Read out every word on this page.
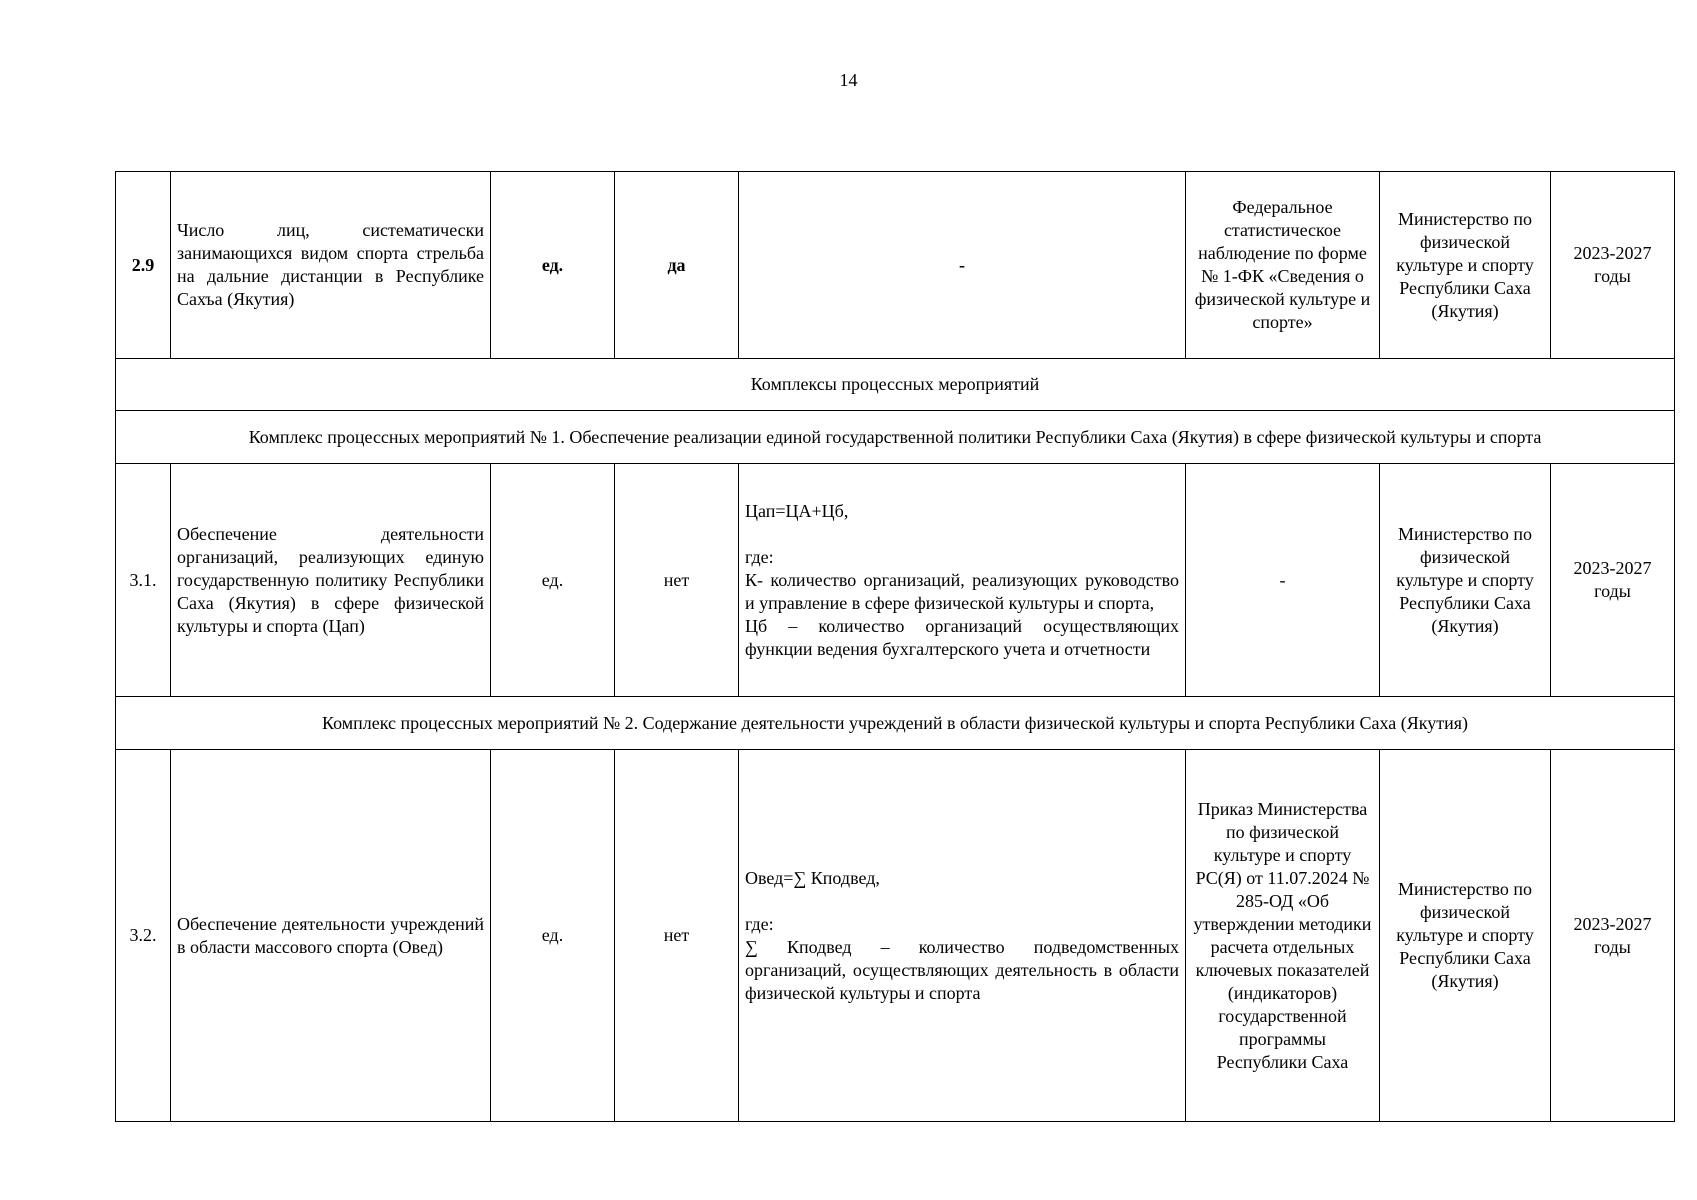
14
2.9	Число лиц, систематически занимающихся видом спорта стрельба на дальние дистанции в Республике Сахъа (Якутия)	ед.	да	-	Федеральное статистическое наблюдение по форме № 1-ФК «Сведения о физической культуре и спорте»	Министерство по физической культуре и спорту Республики Саха (Якутия)	2023-2027 годы
Комплексы процессных мероприятий							
Комплекс процессных мероприятий № 1. Обеспечение реализации единой государственной политики Республики Саха (Якутия) в сфере физической культуры и спорта							
3.1.	Обеспечение деятельности организаций, реализующих единую государственную политику Республики Саха (Якутия) в сфере физической культуры и спорта (Цап)	ед.	нет	Цап=ЦА+Цб,
где:
К- количество организаций, реализующих руководство и управление в сфере физической культуры и спорта,
Цб – количество организаций осуществляющих функции ведения бухгалтерского учета и отчетности	-	Министерство по физической культуре и спорту Республики Саха (Якутия)	2023-2027 годы
Комплекс процессных мероприятий № 2. Содержание деятельности учреждений в области физической культуры и спорта Республики Саха (Якутия)							
3.2.	Обеспечение деятельности учреждений в области массового спорта (Овед)	ед.	нет	Овед=∑ Кподвед,
где:
∑ Кподвед – количество подведомственных организаций, осуществляющих деятельность в области физической культуры и спорта	Приказ Министерства по физической культуре и спорту РС(Я) от 11.07.2024 № 285-ОД «Об утверждении методики расчета отдельных ключевых показателей (индикаторов) государственной программы Республики Саха	Министерство по физической культуре и спорту Республики Саха (Якутия)	2023-2027 годы
